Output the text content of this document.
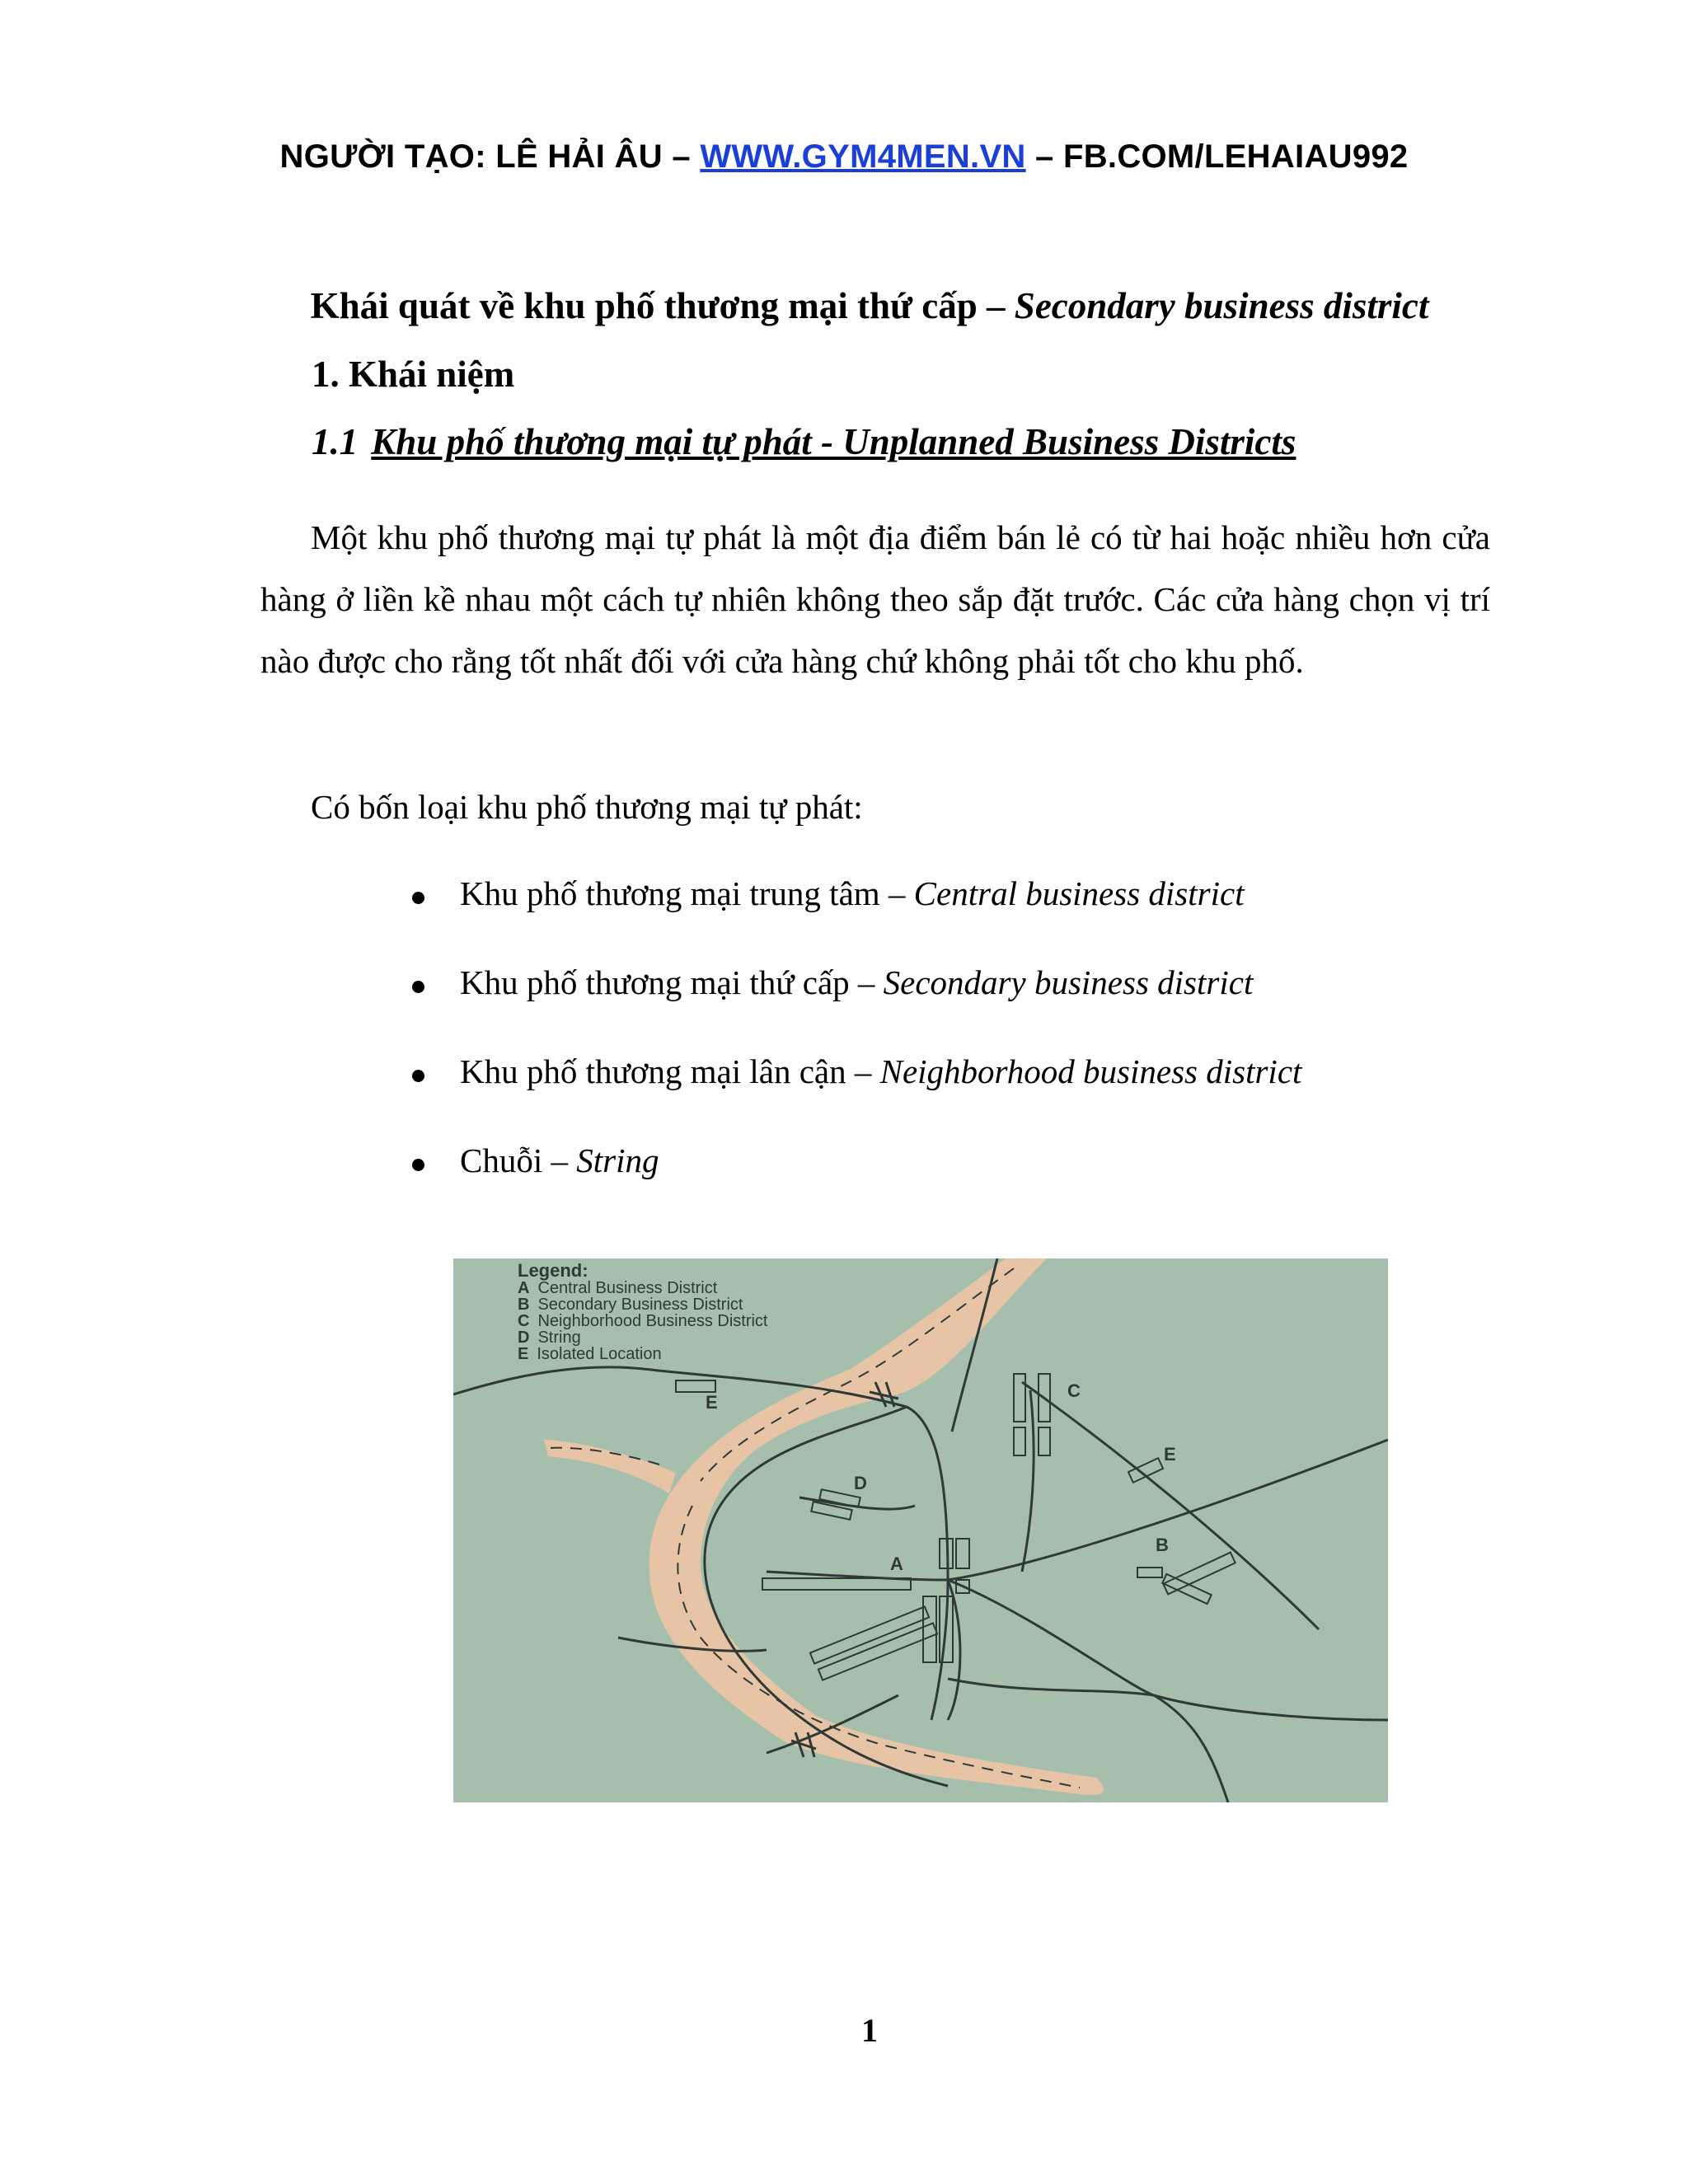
NGƯỜI TẠO: LÊ HẢI ÂU – WWW.GYM4MEN.VN – FB.COM/LEHAIAU992
Khái quát về khu phố thương mại thứ cấp – Secondary business district
1. Khái niệm
1.1 Khu phố thương mại tự phát - Unplanned Business Districts

Một khu phố thương mại tự phát là một địa điểm bán lẻ có từ hai hoặc nhiều hơn cửa hàng ở liền kề nhau một cách tự nhiên không theo sắp đặt trước. Các cửa hàng chọn vị trí nào được cho rằng tốt nhất đối với cửa hàng chứ không phải tốt cho khu phố.

Có bốn loại khu phố thương mại tự phát:
Khu phố thương mại trung tâm – Central business district
Khu phố thương mại thứ cấp – Secondary business district
Khu phố thương mại lân cận – Neighborhood business district
Chuỗi – String
Legend:
A Central Business District
B Secondary Business District
C Neighborhood Business District
D String
E Isolated Location
A
B
C
D
E
E
1
